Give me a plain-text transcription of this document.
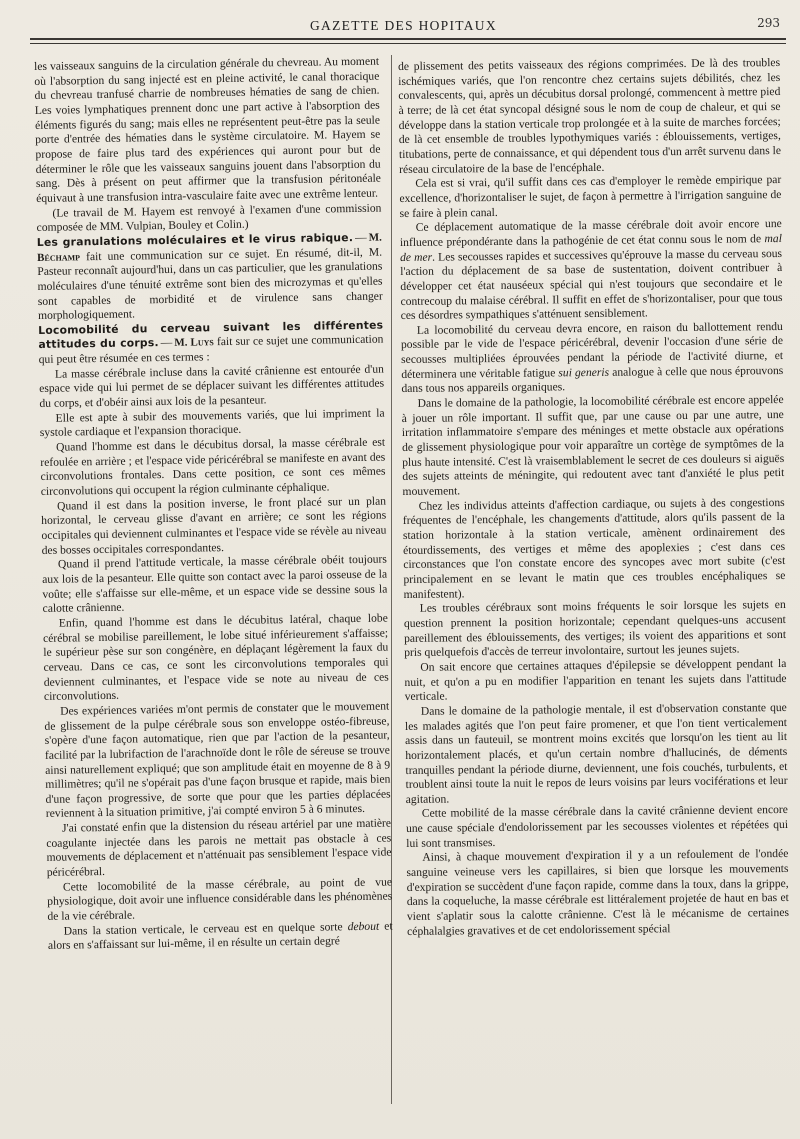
GAZETTE DES HOPITAUX	293

les vaisseaux sanguins de la circulation générale du chevreau. Au moment où l'absorption du sang injecté est en pleine activité, le canal thoracique du chevreau tranfusé charrie de nombreuses hématies de sang de chien. Les voies lymphatiques prennent donc une part active à l'absorption des éléments figurés du sang; mais elles ne représentent peut-être pas la seule porte d'entrée des hématies dans le système circulatoire. M. Hayem se propose de faire plus tard des expériences qui auront pour but de déterminer le rôle que les vaisseaux sanguins jouent dans l'absorption du sang. Dès à présent on peut affirmer que la transfusion péritonéale équivaut à une transfusion intra-vasculaire faite avec une extrême lenteur.

(Le travail de M. Hayem est renvoyé à l'examen d'une commission composée de MM. Vulpian, Bouley et Colin.)

Les granulations moléculaires et le virus rabique. — M. Béchamp fait une communication sur ce sujet. En résumé, dit-il, M. Pasteur reconnaît aujourd'hui, dans un cas particulier, que les granulations moléculaires d'une ténuité extrême sont bien des microzymas et qu'elles sont capables de morbidité et de virulence sans changer morphologiquement.

Locomobilité du cerveau suivant les différentes attitudes du corps. — M. Luys fait sur ce sujet une communication qui peut être résumée en ces termes :

La masse cérébrale incluse dans la cavité crânienne est entourée d'un espace vide qui lui permet de se déplacer suivant les différentes attitudes du corps, et d'obéir ainsi aux lois de la pesanteur.

Elle est apte à subir des mouvements variés, que lui impriment la systole cardiaque et l'expansion thoracique.

Quand l'homme est dans le décubitus dorsal, la masse cérébrale est refoulée en arrière ; et l'espace vide péricérébral se manifeste en avant des circonvolutions frontales. Dans cette position, ce sont ces mêmes circonvolutions qui occupent la région culminante céphalique.

Quand il est dans la position inverse, le front placé sur un plan horizontal, le cerveau glisse d'avant en arrière; ce sont les régions occipitales qui deviennent culminantes et l'espace vide se révèle au niveau des bosses occipitales correspondantes.

Quand il prend l'attitude verticale, la masse cérébrale obéit toujours aux lois de la pesanteur. Elle quitte son contact avec la paroi osseuse de la voûte; elle s'affaisse sur elle-même, et un espace vide se dessine sous la calotte crânienne.

Enfin, quand l'homme est dans le décubitus latéral, chaque lobe cérébral se mobilise pareillement, le lobe situé inférieurement s'affaisse; le supérieur pèse sur son congénère, en déplaçant légèrement la faux du cerveau. Dans ce cas, ce sont les circonvolutions temporales qui deviennent culminantes, et l'espace vide se note au niveau de ces circonvolutions.

Des expériences variées m'ont permis de constater que le mouvement de glissement de la pulpe cérébrale sous son enveloppe ostéo-fibreuse, s'opère d'une façon automatique, rien que par l'action de la pesanteur, facilité par la lubrifaction de l'arachnoïde dont le rôle de séreuse se trouve ainsi naturellement expliqué; que son amplitude était en moyenne de 8 à 9 millimètres; qu'il ne s'opérait pas d'une façon brusque et rapide, mais bien d'une façon progressive, de sorte que pour que les parties déplacées reviennent à la situation primitive, j'ai compté environ 5 à 6 minutes.

J'ai constaté enfin que la distension du réseau artériel par une matière coagulante injectée dans les parois ne mettait pas obstacle à ces mouvements de déplacement et n'atténuait pas sensiblement l'espace vide péricérébral.

Cette locomobilité de la masse cérébrale, au point de vue physiologique, doit avoir une influence considérable dans les phénomènes de la vie cérébrale.

Dans la station verticale, le cerveau est en quelque sorte debout et alors en s'affaissant sur lui-même, il en résulte un certain degré

de plissement des petits vaisseaux des régions comprimées. De là des troubles ischémiques variés, que l'on rencontre chez certains sujets débilités, chez les convalescents, qui, après un décubitus dorsal prolongé, commencent à mettre pied à terre; de là cet état syncopal désigné sous le nom de coup de chaleur, et qui se développe dans la station verticale trop prolongée et à la suite de marches forcées; de là cet ensemble de troubles lypothymiques variés : éblouissements, vertiges, titubations, perte de connaissance, et qui dépendent tous d'un arrêt survenu dans le réseau circulatoire de la base de l'encéphale.

Cela est si vrai, qu'il suffit dans ces cas d'employer le remède empirique par excellence, d'horizontaliser le sujet, de façon à permettre à l'irrigation sanguine de se faire à plein canal.

Ce déplacement automatique de la masse cérébrale doit avoir encore une influence prépondérante dans la pathogénie de cet état connu sous le nom de mal de mer. Les secousses rapides et successives qu'éprouve la masse du cerveau sous l'action du déplacement de sa base de sustentation, doivent contribuer à développer cet état nauséeux spécial qui n'est toujours que secondaire et le contrecoup du malaise cérébral. Il suffit en effet de s'horizontaliser, pour que tous ces désordres sympathiques s'atténuent sensiblement.

La locomobilité du cerveau devra encore, en raison du ballottement rendu possible par le vide de l'espace péricérébral, devenir l'occasion d'une série de secousses multipliées éprouvées pendant la période de l'activité diurne, et déterminera une véritable fatigue sui generis analogue à celle que nous éprouvons dans tous nos appareils organiques.

Dans le domaine de la pathologie, la locomobilité cérébrale est encore appelée à jouer un rôle important. Il suffit que, par une cause ou par une autre, une irritation inflammatoire s'empare des méninges et mette obstacle aux opérations de glissement physiologique pour voir apparaître un cortège de symptômes de la plus haute intensité. C'est là vraisemblablement le secret de ces douleurs si aiguës des sujets atteints de méningite, qui redoutent avec tant d'anxiété le plus petit mouvement.

Chez les individus atteints d'affection cardiaque, ou sujets à des congestions fréquentes de l'encéphale, les changements d'attitude, alors qu'ils passent de la station horizontale à la station verticale, amènent ordinairement des étourdissements, des vertiges et même des apoplexies ; c'est dans ces circonstances que l'on constate encore des syncopes avec mort subite (c'est principalement en se levant le matin que ces troubles encéphaliques se manifestent).

Les troubles cérébraux sont moins fréquents le soir lorsque les sujets en question prennent la position horizontale; cependant quelques-uns accusent pareillement des éblouissements, des vertiges; ils voient des apparitions et sont pris quelquefois d'accès de terreur involontaire, surtout les jeunes sujets.

On sait encore que certaines attaques d'épilepsie se développent pendant la nuit, et qu'on a pu en modifier l'apparition en tenant les sujets dans l'attitude verticale.

Dans le domaine de la pathologie mentale, il est d'observation constante que les malades agités que l'on peut faire promener, et que l'on tient verticalement assis dans un fauteuil, se montrent moins excités que lorsqu'on les tient au lit horizontalement placés, et qu'un certain nombre d'hallucinés, de déments tranquilles pendant la période diurne, deviennent, une fois couchés, turbulents, et troublent ainsi toute la nuit le repos de leurs voisins par leurs vociférations et leur agitation.

Cette mobilité de la masse cérébrale dans la cavité crânienne devient encore une cause spéciale d'endolorissement par les secousses violentes et répétées qui lui sont transmises.

Ainsi, à chaque mouvement d'expiration il y a un refoulement de l'ondée sanguine veineuse vers les capillaires, si bien que lorsque les mouvements d'expiration se succèdent d'une façon rapide, comme dans la toux, dans la grippe, dans la coqueluche, la masse cérébrale est littéralement projetée de haut en bas et vient s'aplatir sous la calotte crânienne. C'est là le mécanisme de certaines céphalalgies gravatives et de cet endolorissement spécial
